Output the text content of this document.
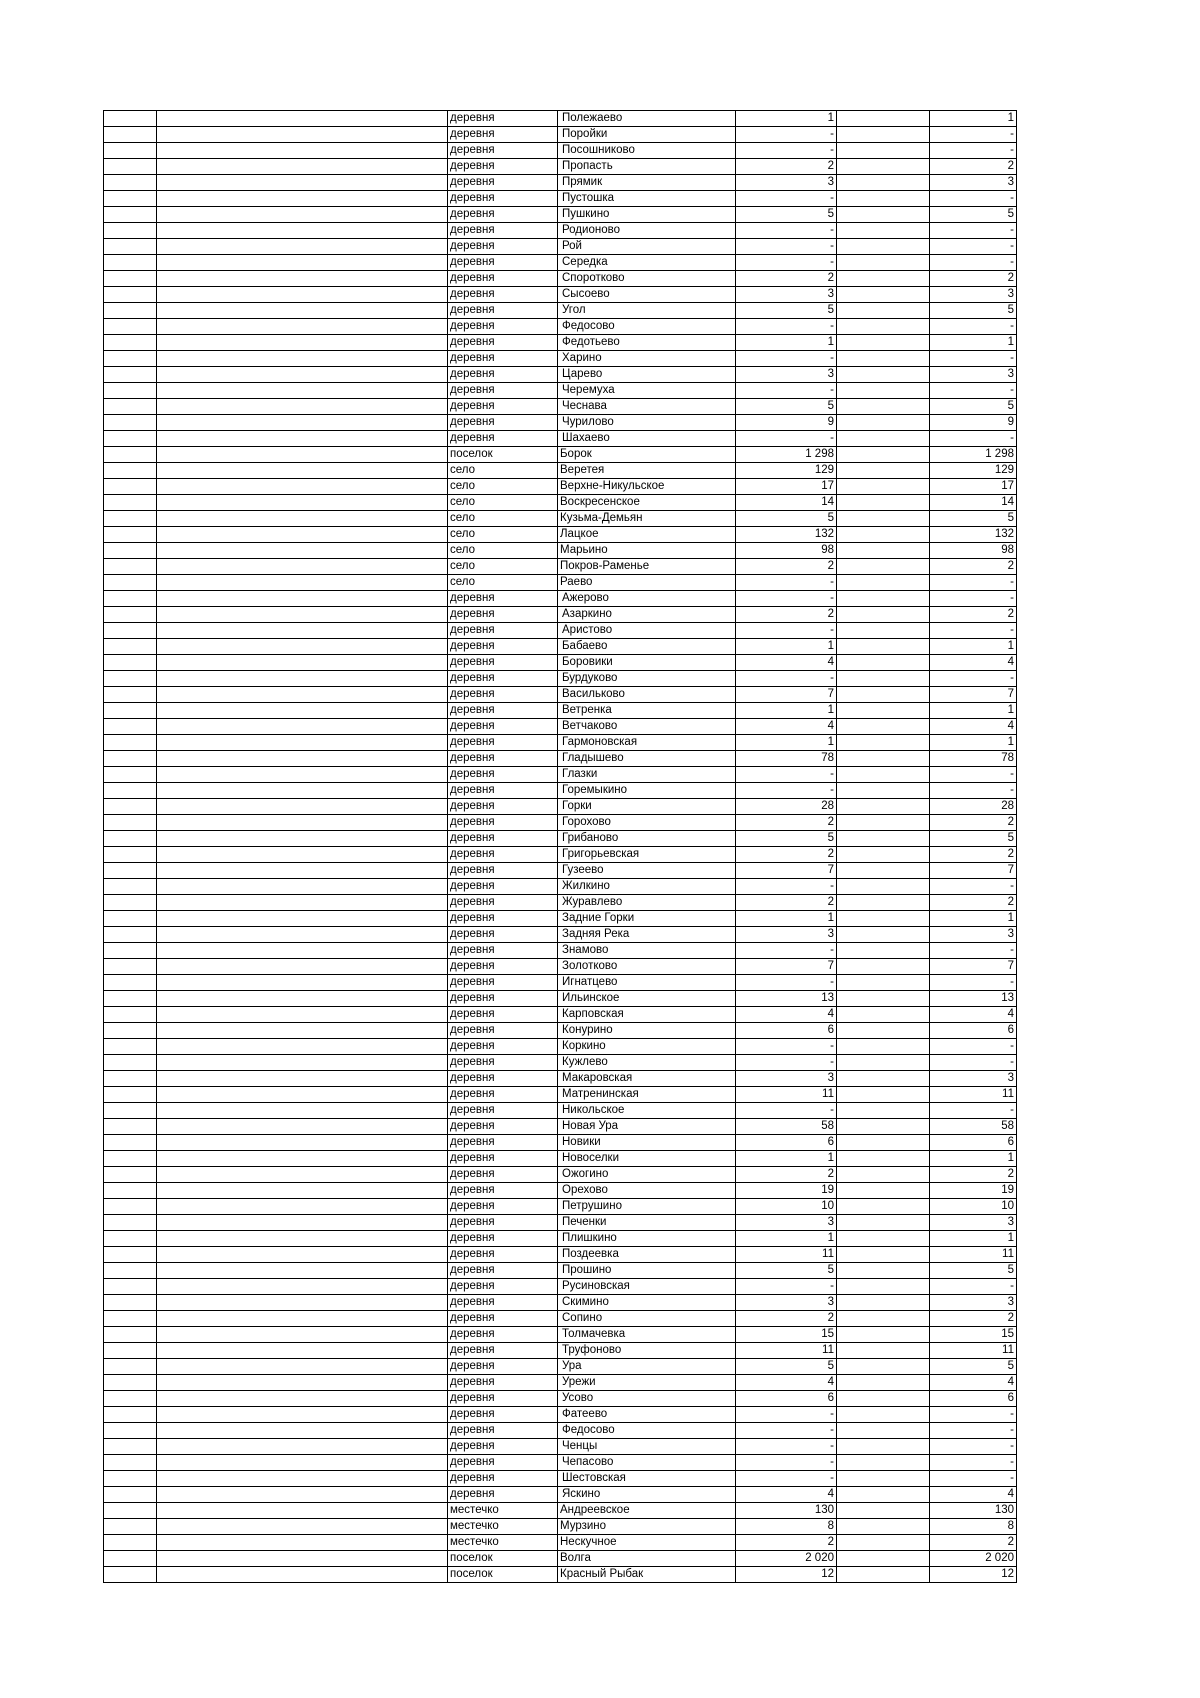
		деревня	Полежаево	1		1
		деревня	Поройки	-		-
		деревня	Посошниково	-		-
		деревня	Пропасть	2		2
		деревня	Прямик	3		3
		деревня	Пустошка	-		-
		деревня	Пушкино	5		5
		деревня	Родионово	-		-
		деревня	Рой	-		-
		деревня	Середка	-		-
		деревня	Спороткoво	2		2
		деревня	Сысоево	3		3
		деревня	Угол	5		5
		деревня	Федосово	-		-
		деревня	Федотьево	1		1
		деревня	Харино	-		-
		деревня	Царево	3		3
		деревня	Черемуха	-		-
		деревня	Чеснава	5		5
		деревня	Чурилово	9		9
		деревня	Шахаево	-		-
		поселок	Борок	1 298		1 298
		село	Веретея	129		129
		село	Верхне-Никульское	17		17
		село	Воскресенское	14		14
		село	Кузьма-Демьян	5		5
		село	Лацкое	132		132
		село	Марьино	98		98
		село	Покров-Раменье	2		2
		село	Раево	-		-
		деревня	Ажерово	-		-
		деревня	Азаркино	2		2
		деревня	Аристово	-		-
		деревня	Бабаево	1		1
		деревня	Боровики	4		4
		деревня	Бурдуково	-		-
		деревня	Васильково	7		7
		деревня	Ветренка	1		1
		деревня	Ветчаково	4		4
		деревня	Гармоновская	1		1
		деревня	Гладышево	78		78
		деревня	Глазки	-		-
		деревня	Горемыкино	-		-
		деревня	Горки	28		28
		деревня	Горохово	2		2
		деревня	Грибаново	5		5
		деревня	Григорьевская	2		2
		деревня	Гузеево	7		7
		деревня	Жилкино	-		-
		деревня	Журавлево	2		2
		деревня	Задние Горки	1		1
		деревня	Задняя Река	3		3
		деревня	Знамово	-		-
		деревня	Золотково	7		7
		деревня	Игнатцево	-		-
		деревня	Ильинское	13		13
		деревня	Карповская	4		4
		деревня	Конурино	6		6
		деревня	Коркино	-		-
		деревня	Кужлево	-		-
		деревня	Макаровская	3		3
		деревня	Матренинская	11		11
		деревня	Никольское	-		-
		деревня	Новая Ура	58		58
		деревня	Новики	6		6
		деревня	Новоселки	1		1
		деревня	Ожогино	2		2
		деревня	Орехово	19		19
		деревня	Петрушино	10		10
		деревня	Печенки	3		3
		деревня	Плишкино	1		1
		деревня	Поздеевка	11		11
		деревня	Прошино	5		5
		деревня	Русиновская	-		-
		деревня	Скимино	3		3
		деревня	Сопино	2		2
		деревня	Толмачевка	15		15
		деревня	Труфоново	11		11
		деревня	Ура	5		5
		деревня	Урежи	4		4
		деревня	Усово	6		6
		деревня	Фатеево	-		-
		деревня	Федосово	-		-
		деревня	Ченцы	-		-
		деревня	Чепасово	-		-
		деревня	Шестовская	-		-
		деревня	Яскино	4		4
		местечко	Андреевское	130		130
		местечко	Мурзино	8		8
		местечко	Нескучное	2		2
		поселок	Волга	2 020		2 020
		поселок	Красный Рыбак	12		12
